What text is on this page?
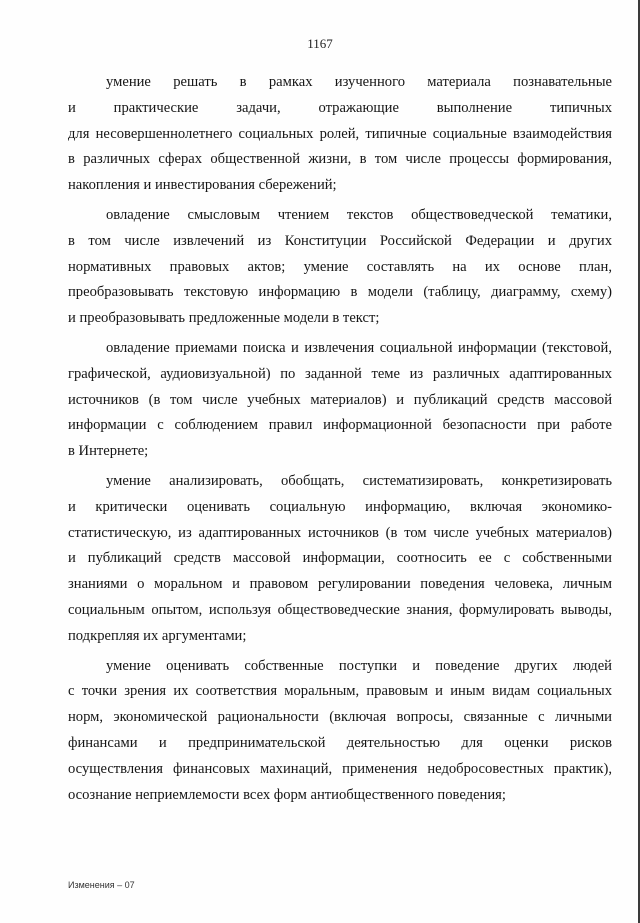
1167

умение решать в рамках изученного материала познавательные
и практические задачи, отражающие выполнение типичных
для несовершеннолетнего социальных ролей, типичные социальные взаимодействия
в различных сферах общественной жизни, в том числе процессы формирования,
накопления и инвестирования сбережений;

овладение смысловым чтением текстов обществоведческой тематики,
в том числе извлечений из Конституции Российской Федерации и других
нормативных правовых актов; умение составлять на их основе план,
преобразовывать текстовую информацию в модели (таблицу, диаграмму, схему)
и преобразовывать предложенные модели в текст;

овладение приемами поиска и извлечения социальной информации (текстовой,
графической, аудиовизуальной) по заданной теме из различных адаптированных
источников (в том числе учебных материалов) и публикаций средств массовой
информации с соблюдением правил информационной безопасности при работе
в Интернете;

умение анализировать, обобщать, систематизировать, конкретизировать
и критически оценивать социальную информацию, включая экономико-
статистическую, из адаптированных источников (в том числе учебных материалов)
и публикаций средств массовой информации, соотносить ее с собственными
знаниями о моральном и правовом регулировании поведения человека, личным
социальным опытом, используя обществоведческие знания, формулировать выводы,
подкрепляя их аргументами;

умение оценивать собственные поступки и поведение других людей
с точки зрения их соответствия моральным, правовым и иным видам социальных
норм, экономической рациональности (включая вопросы, связанные с личными
финансами и предпринимательской деятельностью для оценки рисков
осуществления финансовых махинаций, применения недобросовестных практик),
осознание неприемлемости всех форм антиобщественного поведения;

Изменения – 07
